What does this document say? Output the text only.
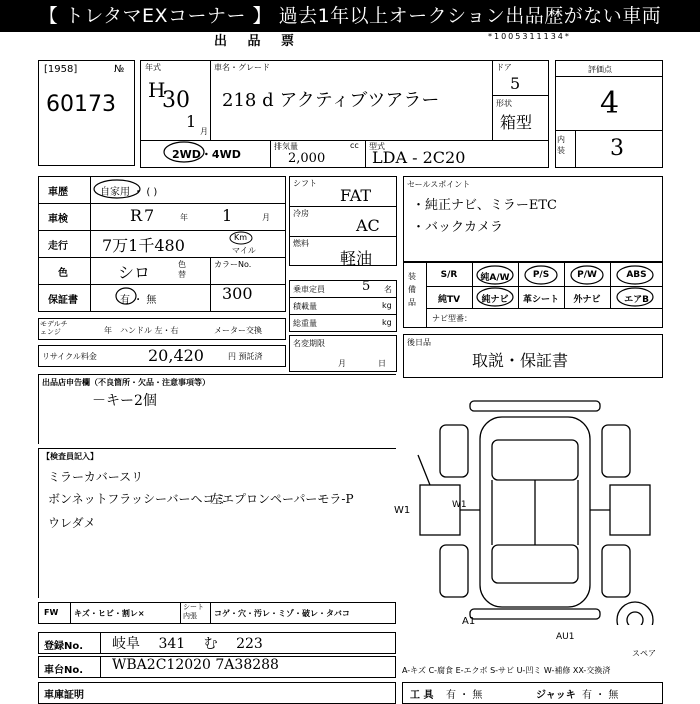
【 トレタマEXコーナー 】 過去1年以上オークション出品歴がない車両
出 品 票	*1005311134*
[1958]	№
60173
年式
H
30
1
月
車名・グレード
218 d アクティブツアラー
ドア
5
形状
箱型
2WD・4WD
排気量	cc
2,000
型式
LDA - 2C20
評価点
4
内装 3
車歴	自家用 ・ ( )
車検	R 7	年 1	月
走行 7万1千480	Km
マイル
色	シロ	色替
カラーNo.
300
保証書	有 ・ 無
モデルチェンジ	年 ハンドル 左・右	メーター交換
リサイクル料金	20,420	円 預託済
シフト
FAT
冷房
AC
燃料
軽油
乗車定員	5 名
積載量	kg
総重量	kg
名変期限
月	日
セールスポイント
・純正ナビ、ミラーETC
・バックカメラ
装備品
S/R	純A/W	P/S	P/W	ABS
純TV	純ナビ	革シート	外ナビ	エアB
ナビ型番：
後日品
取説・保証書
出品店申告欄（不良箇所・欠品・注意事項等）
－キー2個
【検査員記入】
ミラーカバースリ
ボンネットフラッシーバーヘコミ
ウレダメ
左エプロンペーパーモラ-P
W1	W1
A1
AU1
スペア
FW キズ・ヒビ・割レ×
シート内張	コゲ・穴・汚レ・ミゾ・破レ・タバコ
登録No. 岐阜 341 む 223
車台No. WBA2C12020 7A38288	A-キズ C-腐食 E-エクボ S-サビ U-凹ミ W-補修 XX-交換済
車庫証明	工 具 有 ・ 無	ジャッキ 有 ・ 無
